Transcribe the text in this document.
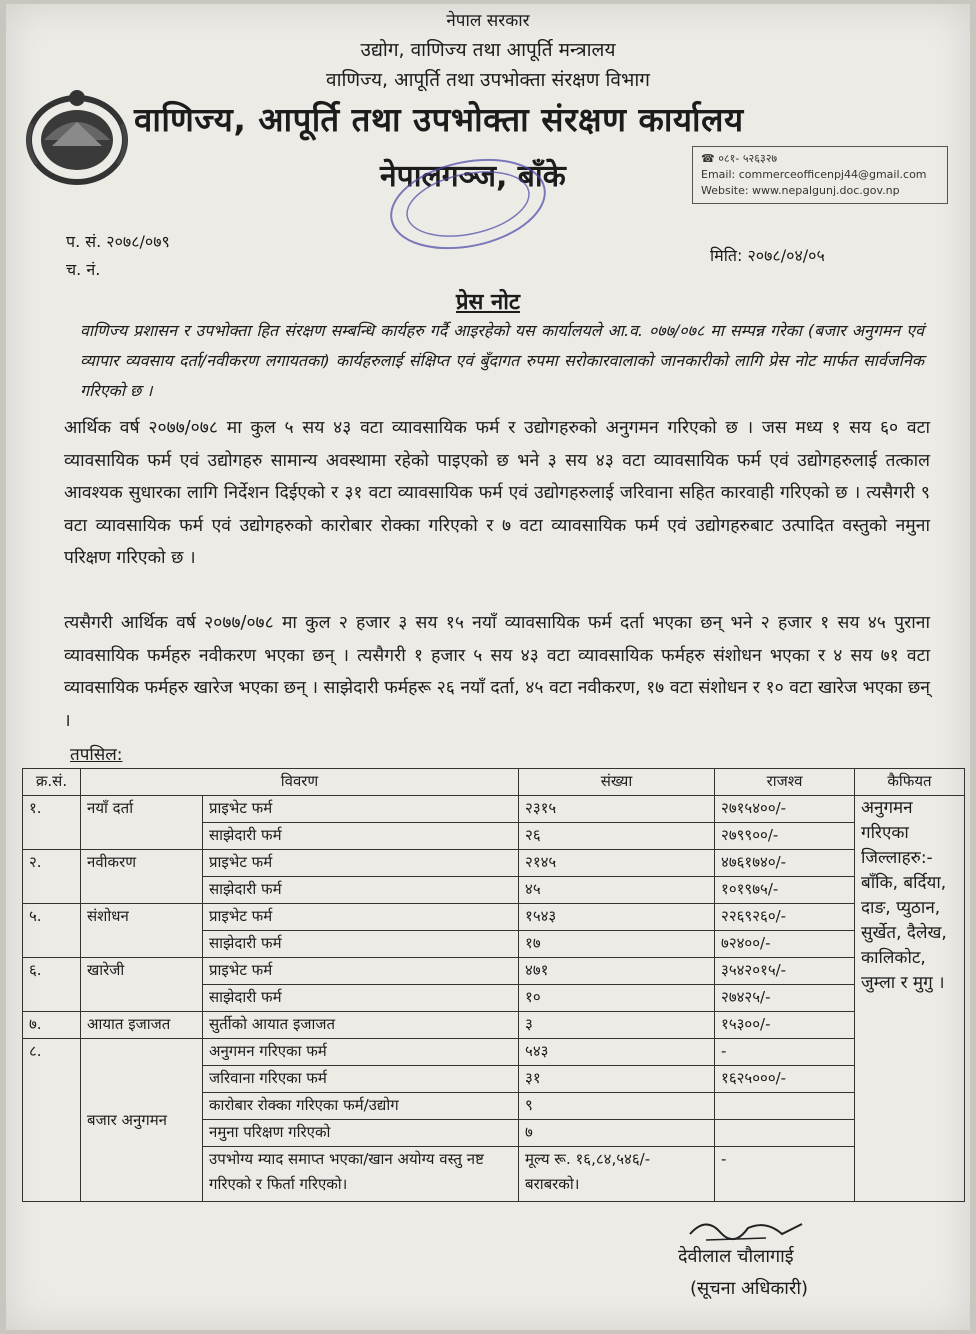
नेपाल सरकार
उद्योग, वाणिज्य तथा आपूर्ति मन्त्रालय
वाणिज्य, आपूर्ति तथा उपभोक्ता संरक्षण विभाग
वाणिज्य, आपूर्ति तथा उपभोक्ता संरक्षण कार्यालय
नेपालगञ्ज, बाँके
☎ ०८१- ५२६३२७
Email: commerceofficenpj44@gmail.com
Website: www.nepalgunj.doc.gov.np
प. सं. २०७८/०७९
च. नं.
मिति: २०७८/०४/०५
प्रेस नोट
वाणिज्य प्रशासन र उपभोक्ता हित संरक्षण सम्बन्धि कार्यहरु गर्दै आइरहेको यस कार्यालयले आ.व. ०७७/०७८ मा सम्पन्न गरेका (बजार अनुगमन एवं व्यापार व्यवसाय दर्ता/नवीकरण लगायतका) कार्यहरुलाई संक्षिप्त एवं बुँदागत रुपमा सरोकारवालाको जानकारीको लागि प्रेस नोट मार्फत सार्वजनिक गरिएको छ ।
आर्थिक वर्ष २०७७/०७८ मा कुल ५ सय ४३ वटा व्यावसायिक फर्म र उद्योगहरुको अनुगमन गरिएको छ । जस मध्य १ सय ६० वटा व्यावसायिक फर्म एवं उद्योगहरु सामान्य अवस्थामा रहेको पाइएको छ भने ३ सय ४३ वटा व्यावसायिक फर्म एवं उद्योगहरुलाई तत्काल आवश्यक सुधारका लागि निर्देशन दिईएको र ३१ वटा व्यावसायिक फर्म एवं उद्योगहरुलाई जरिवाना सहित कारवाही गरिएको छ । त्यसैगरी ९ वटा व्यावसायिक फर्म एवं उद्योगहरुको कारोबार रोक्का गरिएको र ७ वटा व्यावसायिक फर्म एवं उद्योगहरुबाट उत्पादित वस्तुको नमुना परिक्षण गरिएको छ ।
त्यसैगरी आर्थिक वर्ष २०७७/०७८ मा कुल २ हजार ३ सय १५ नयाँ व्यावसायिक फर्म दर्ता भएका छन् भने २ हजार १ सय ४५ पुराना व्यावसायिक फर्महरु नवीकरण भएका छन् । त्यसैगरी १ हजार ५ सय ४३ वटा व्यावसायिक फर्महरु संशोधन भएका र ४ सय ७१ वटा व्यावसायिक फर्महरु खारेज भएका छन् । साझेदारी फर्महरू २६ नयाँ दर्ता, ४५ वटा नवीकरण, १७ वटा संशोधन र १० वटा खारेज भएका छन् ।
तपसिल:
क्र.सं.	विवरण		संख्या	राजश्व	कैफियत
१.	नयाँ दर्ता	प्राइभेट फर्म	२३१५	२७१५४००/-	अनुगमन गरिएका जिल्लाहरु:- बाँकि, बर्दिया, दाङ, प्युठान, सुर्खेत, दैलेख, कालिकोट, जुम्ला र मुगु ।
		साझेदारी फर्म	२६	२७९९००/-	
२.	नवीकरण	प्राइभेट फर्म	२१४५	४७६१७४०/-	
		साझेदारी फर्म	४५	१०१९७५/-	
५.	संशोधन	प्राइभेट फर्म	१५४३	२२६९२६०/-	
		साझेदारी फर्म	१७	७२४००/-	
६.	खारेजी	प्राइभेट फर्म	४७१	३५४२०१५/-	
		साझेदारी फर्म	१०	२७४२५/-	
७.	आयात इजाजत	सुर्तीको आयात इजाजत	३	१५३००/-	
८.	बजार अनुगमन	अनुगमन गरिएका फर्म	५४३	-	
		जरिवाना गरिएका फर्म	३१	१६२५०००/-	
		कारोबार रोक्का गरिएका फर्म/उद्योग	९		
		नमुना परिक्षण गरिएको	७		
		उपभोग्य म्याद समाप्त भएका/खान अयोग्य वस्तु नष्ट गरिएको र फिर्ता गरिएको।	मूल्य रू. १६,८४,५४६/- बराबरको।	-	
देवीलाल चौलागाई
(सूचना अधिकारी)
